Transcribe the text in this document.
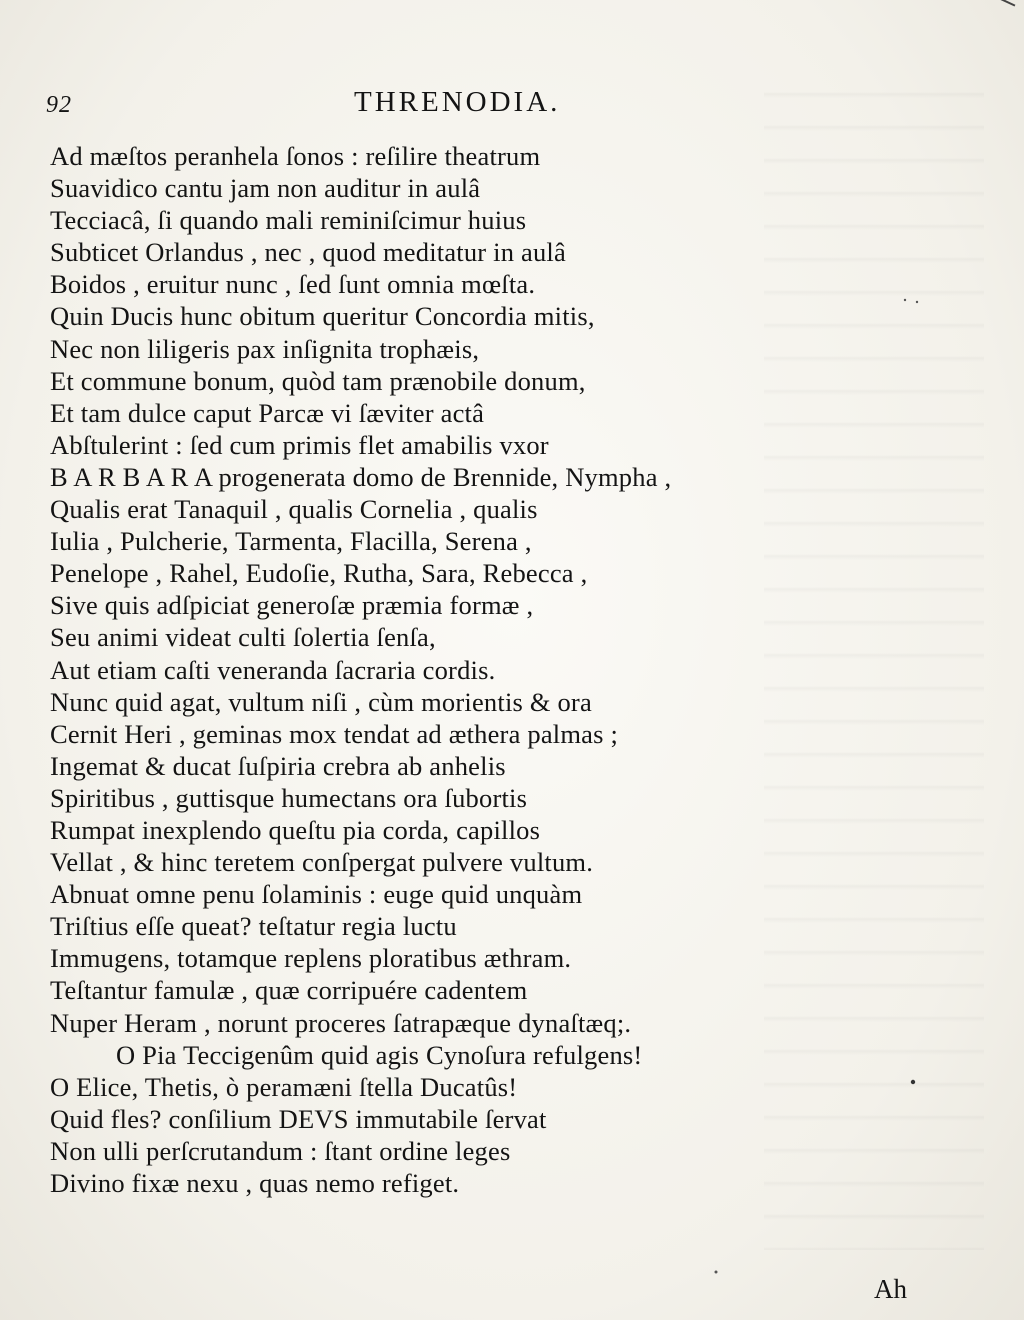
92	THRENODIA.
Ad mæſtos peranhela ſonos : reſilire theatrum
Suavidico cantu jam non auditur in aulâ
Tecciacâ, ſi quando mali reminiſcimur huius
Subticet Orlandus , nec , quod meditatur in aulâ
Boidos , eruitur nunc , ſed ſunt omnia mœſta.
Quin Ducis hunc obitum queritur Concordia mitis,
Nec non liligeris pax inſignita trophæis,
Et commune bonum, quòd tam prænobile donum,
Et tam dulce caput Parcæ vi ſæviter actâ
Abſtulerint : ſed cum primis flet amabilis vxor
B A R B A R A progenerata domo de Brennide, Nympha ,
Qualis erat Tanaquil , qualis Cornelia , qualis
Iulia , Pulcherie, Tarmenta, Flacilla, Serena ,
Penelope , Rahel, Eudoſie, Rutha, Sara, Rebecca ,
Sive quis adſpiciat generoſæ præmia formæ ,
Seu animi videat culti ſolertia ſenſa,
Aut etiam caſti veneranda ſacraria cordis.
Nunc quid agat, vultum niſi , cùm morientis & ora
Cernit Heri , geminas mox tendat ad æthera palmas ;
Ingemat & ducat ſuſpiria crebra ab anhelis
Spiritibus , guttisque humectans ora ſubortis
Rumpat inexplendo queſtu pia corda, capillos
Vellat , & hinc teretem conſpergat pulvere vultum.
Abnuat omne penu ſolaminis : euge quid unquàm
Triſtius eſſe queat? teſtatur regia luctu
Immugens, totamque replens ploratibus æthram.
Teſtantur famulæ , quæ corripuére cadentem
Nuper Heram , norunt proceres ſatrapæque dynaſtæq;.
O Pia Teccigenûm quid agis Cynoſura refulgens!
O Elice, Thetis, ò peramæni ſtella Ducatûs!
Quid fles? conſilium DEVS immutabile ſervat
Non ulli perſcrutandum : ſtant ordine leges
Divino fixæ nexu , quas nemo refiget.
Ah
